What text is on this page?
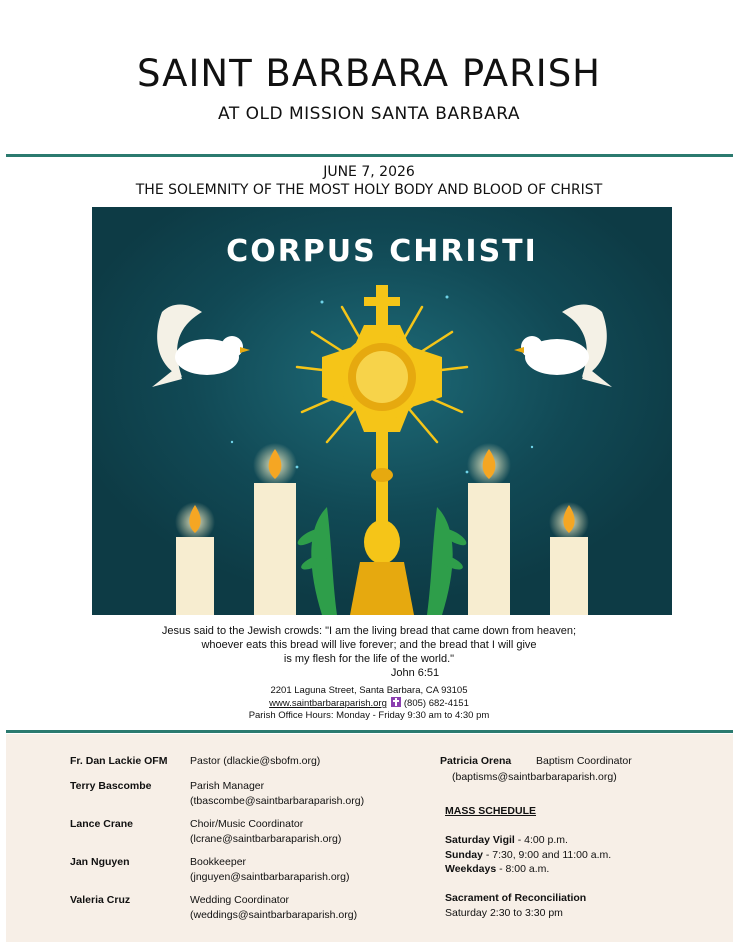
SAINT BARBARA PARISH
AT OLD MISSION SANTA BARBARA
JUNE 7, 2026
THE SOLEMNITY OF THE MOST HOLY BODY AND BLOOD OF CHRIST
CORPUS CHRISTI
Jesus said to the Jewish crowds: "I am the living bread that came down from heaven;
whoever eats this bread will live forever; and the bread that I will give
is my flesh for the life of the world."
John 6:51
2201 Laguna Street, Santa Barbara, CA 93105
www.saintbarbaraparish.org (805) 682-4151
Parish Office Hours: Monday - Friday 9:30 am to 4:30 pm
Fr. Dan Lackie OFM Pastor (dlackie@sbofm.org)
Terry Bascombe	Parish Manager
(tbascombe@saintbarbaraparish.org)
Lance Crane	Choir/Music Coordinator
(lcrane@saintbarbaraparish.org)
Jan Nguyen	Bookkeeper
(jnguyen@saintbarbaraparish.org)
Valeria Cruz	Wedding Coordinator
(weddings@saintbarbaraparish.org)
Patricia Orena Baptism Coordinator
(baptisms@saintbarbaraparish.org)
MASS SCHEDULE
Saturday Vigil - 4:00 p.m.
Sunday - 7:30, 9:00 and 11:00 a.m.
Weekdays - 8:00 a.m.
Sacrament of Reconciliation
Saturday 2:30 to 3:30 pm
